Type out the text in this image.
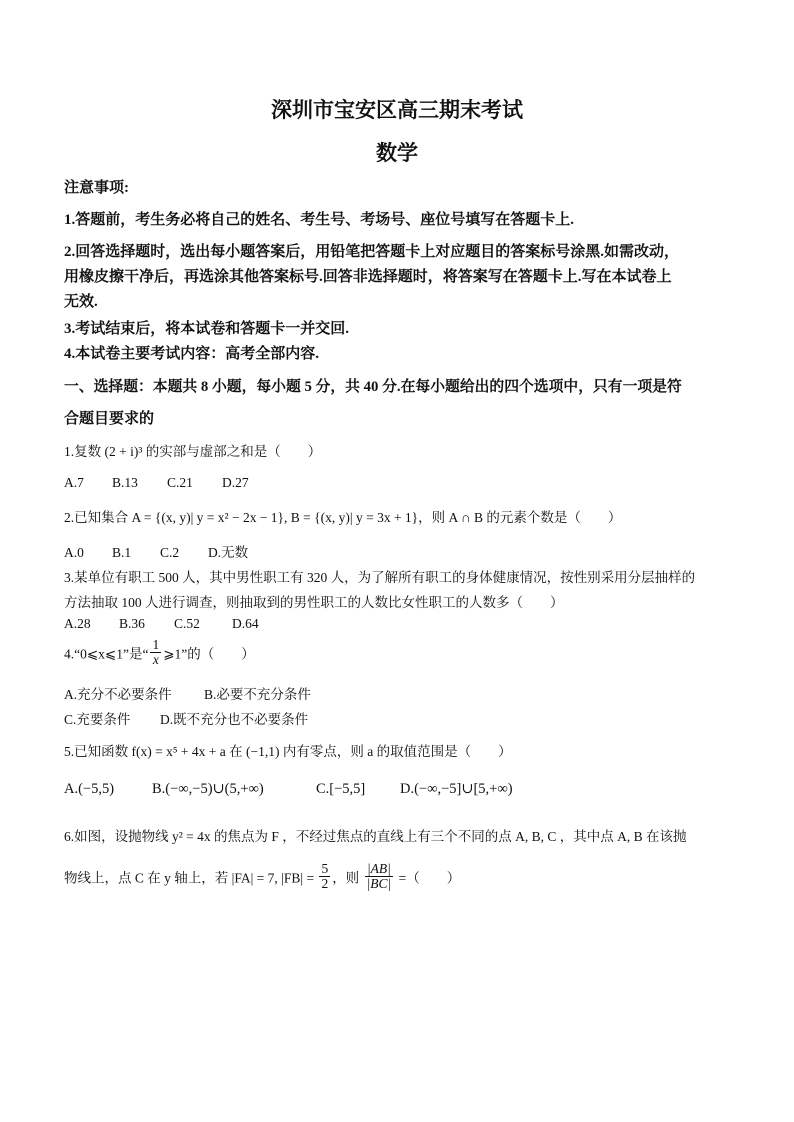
深圳市宝安区高三期末考试
数学
注意事项:
1.答题前，考生务必将自己的姓名、考生号、考场号、座位号填写在答题卡上.
2.回答选择题时，选出每小题答案后，用铅笔把答题卡上对应题目的答案标号涂黑.如需改动，
用橡皮擦干净后，再选涂其他答案标号.回答非选择题时，将答案写在答题卡上.写在本试卷上
无效.
3.考试结束后，将本试卷和答题卡一并交回.
4.本试卷主要考试内容：高考全部内容.
一、选择题：本题共 8 小题，每小题 5 分，共 40 分.在每小题给出的四个选项中，只有一项是符
合题目要求的
1.复数 (2 + i)³ 的实部与虚部之和是（　　）
A.7 B.13 C.21 D.27
2.已知集合 A = {(x, y)| y = x² − 2x − 1}, B = {(x, y)| y = 3x + 1}，则 A ∩ B 的元素个数是（　　）
A.0 B.1 C.2 D.无数
3.某单位有职工 500 人，其中男性职工有 320 人，为了解所有职工的身体健康情况，按性别采用分层抽样的
方法抽取 100 人进行调查，则抽取到的男性职工的人数比女性职工的人数多（　　）
A.28 B.36 C.52 D.64
4.“0⩽x⩽1”是“ $\frac{1}{x}$ ⩾1”的（　　）
A.充分不必要条件 B.必要不充分条件
C.充要条件 D.既不充分也不必要条件
5.已知函数 f(x) = x⁵ + 4x + a 在 (−1,1) 内有零点，则 a 的取值范围是（　　）
A.(−5,5)	B.(−∞,−5)∪(5,+∞)	C.[−5,5] D.(−∞,−5]∪[5,+∞)
6.如图，设抛物线 y² = 4x 的焦点为 F ，不经过焦点的直线上有三个不同的点 A, B, C ，其中点 A, B 在该抛
物线上，点 C 在 y 轴上，若 |FA| = 7, $|FB| = \frac{5}{2}$ ，则 $\frac{|AB|}{|BC|}$ =（　　）
